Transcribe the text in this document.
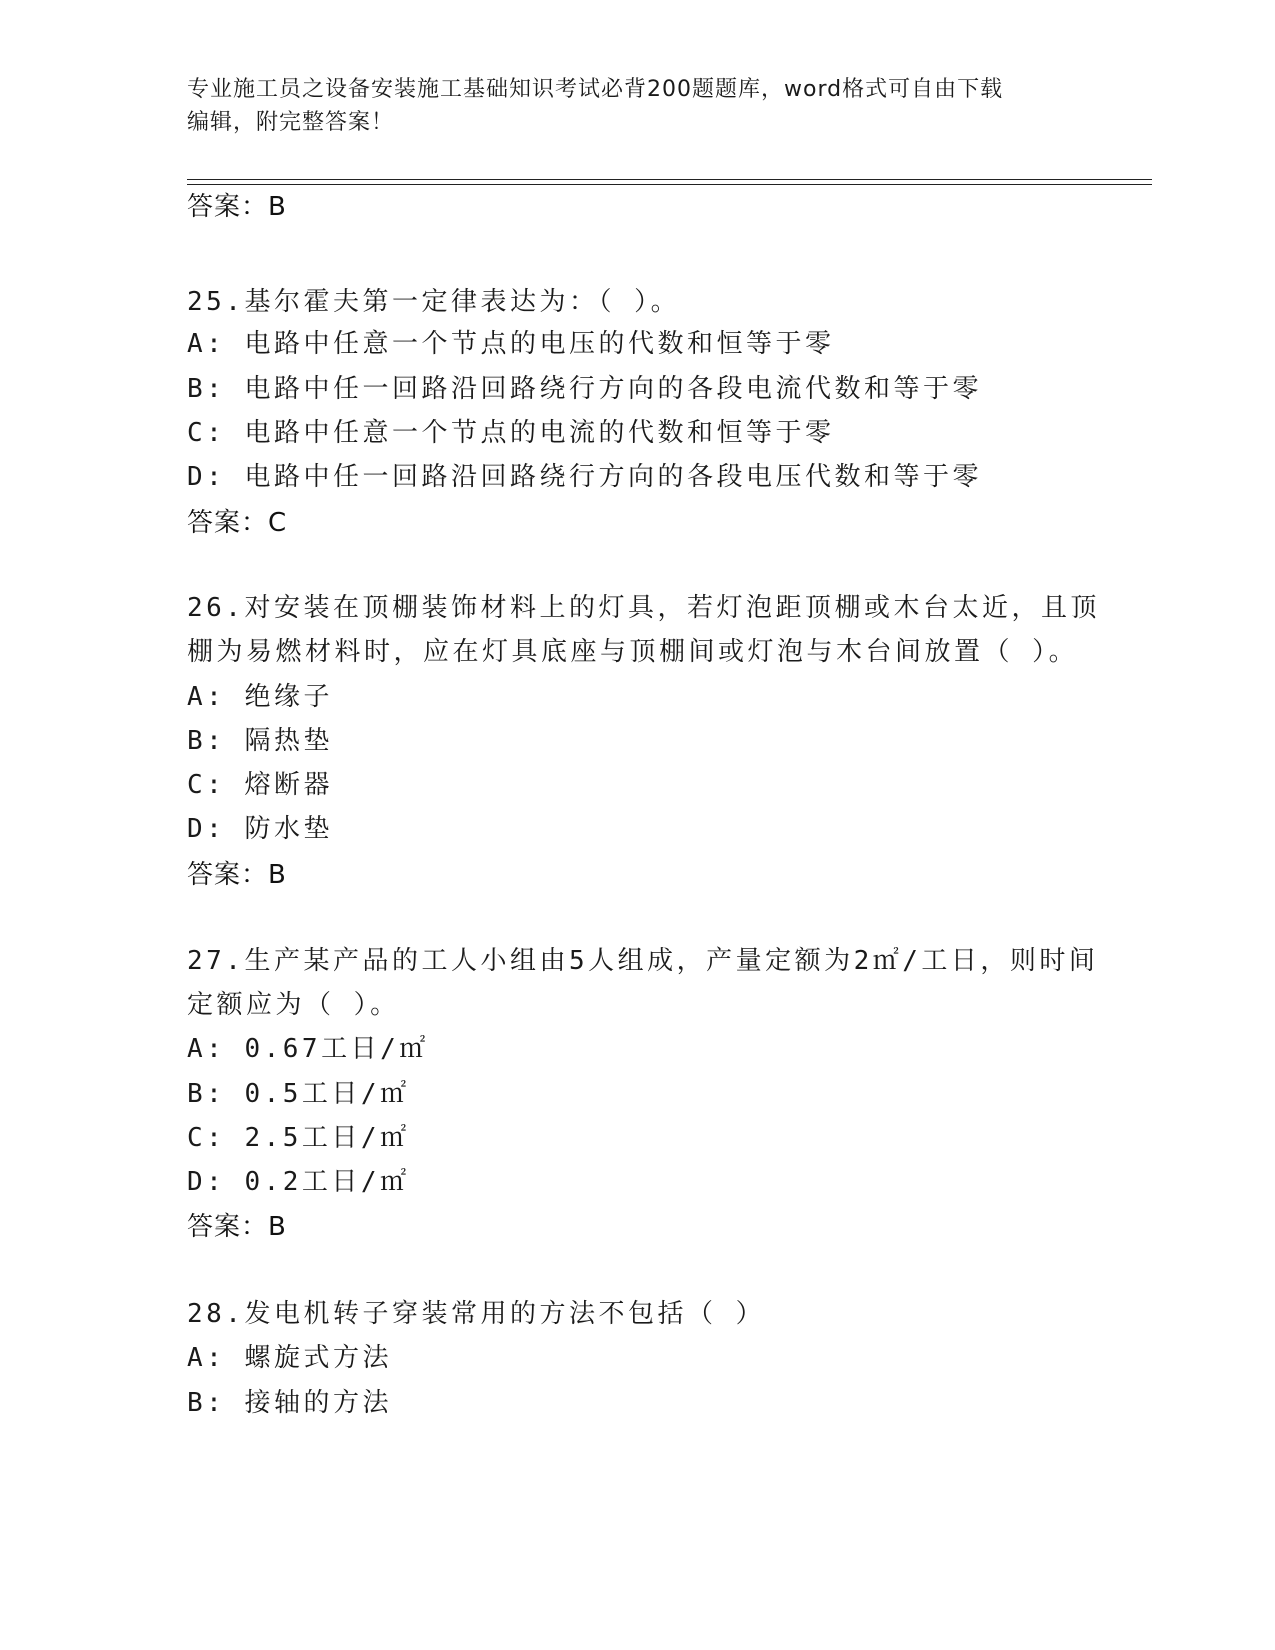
专业施工员之设备安装施工基础知识考试必背200题题库，word格式可自由下载
编辑，附完整答案！
答案：B
25.基尔霍夫第一定律表达为：（ ）。
A: 电路中任意一个节点的电压的代数和恒等于零
B: 电路中任一回路沿回路绕行方向的各段电流代数和等于零
C: 电路中任意一个节点的电流的代数和恒等于零
D: 电路中任一回路沿回路绕行方向的各段电压代数和等于零
答案：C
26.对安装在顶棚装饰材料上的灯具，若灯泡距顶棚或木台太近，且顶
棚为易燃材料时，应在灯具底座与顶棚间或灯泡与木台间放置（ ）。
A: 绝缘子
B: 隔热垫
C: 熔断器
D: 防水垫
答案：B
27.生产某产品的工人小组由5人组成，产量定额为2㎡/工日，则时间
定额应为（ ）。
A: 0.67工日/㎡
B: 0.5工日/㎡
C: 2.5工日/㎡
D: 0.2工日/㎡
答案：B
28.发电机转子穿装常用的方法不包括（ ）
A: 螺旋式方法
B: 接轴的方法
